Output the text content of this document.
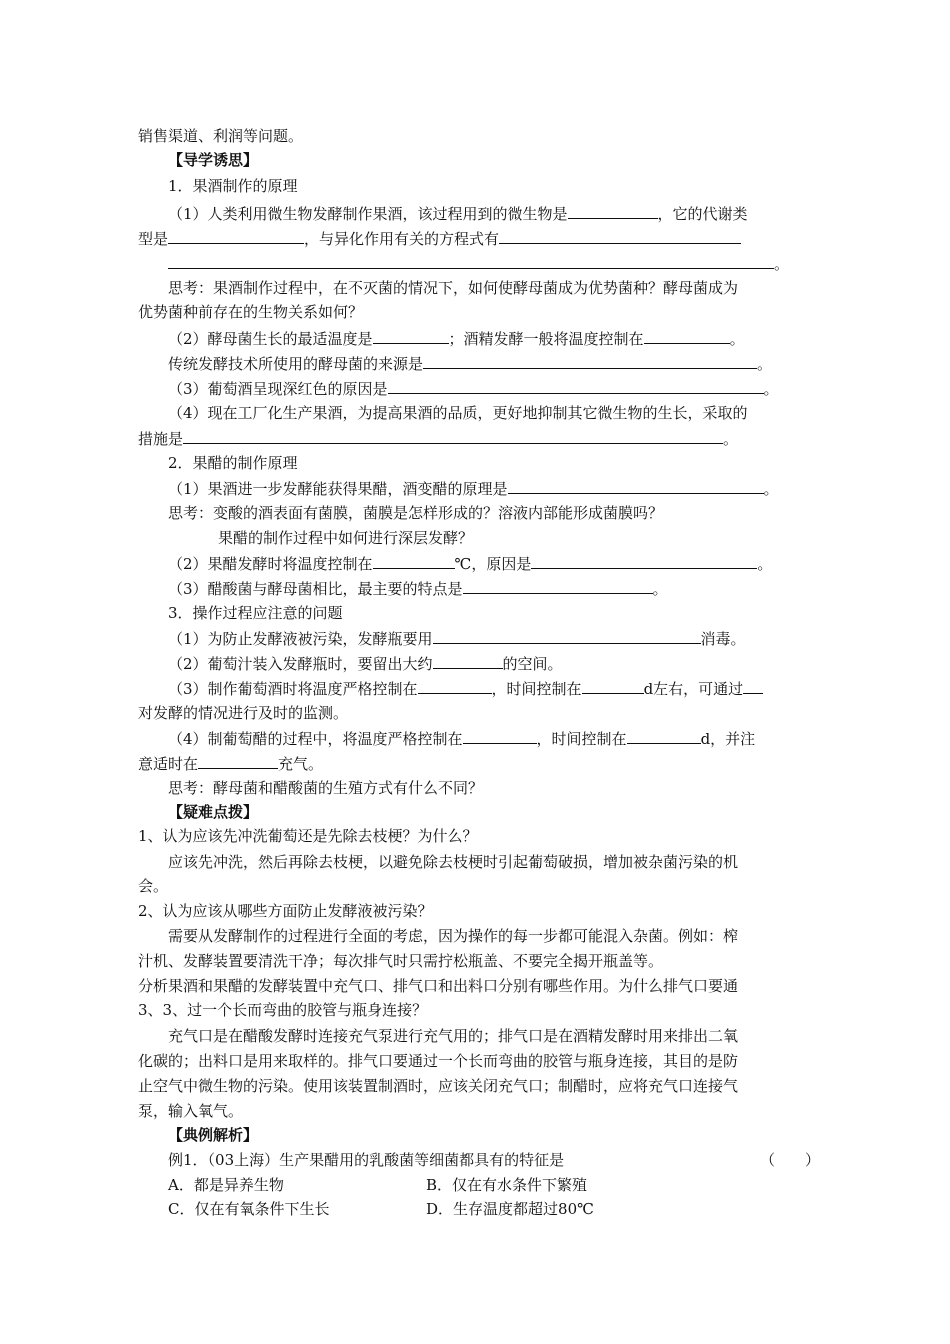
销售渠道、利润等问题。
【导学诱思】
1．果酒制作的原理
（1）人类利用微生物发酵制作果酒，该过程用到的微生物是	，它的代谢类
型是	，与异化作用有关的方程式有
。
思考：果酒制作过程中，在不灭菌的情况下，如何使酵母菌成为优势菌种？酵母菌成为
优势菌种前存在的生物关系如何？
（2）酵母菌生长的最适温度是	；酒精发酵一般将温度控制在	。
传统发酵技术所使用的酵母菌的来源是	。
（3）葡萄酒呈现深红色的原因是	。
（4）现在工厂化生产果酒，为提高果酒的品质，更好地抑制其它微生物的生长，采取的
措施是	。
2．果醋的制作原理
（1）果酒进一步发酵能获得果醋，酒变醋的原理是	。
思考：变酸的酒表面有菌膜，菌膜是怎样形成的？溶液内部能形成菌膜吗？
果醋的制作过程中如何进行深层发酵？
（2）果醋发酵时将温度控制在	℃，原因是	。
（3）醋酸菌与酵母菌相比，最主要的特点是	。
3．操作过程应注意的问题
（1）为防止发酵液被污染，发酵瓶要用	消毒。
（2）葡萄汁装入发酵瓶时，要留出大约	的空间。
（3）制作葡萄酒时将温度严格控制在	，时间控制在	d左右，可通过
对发酵的情况进行及时的监测。
（4）制葡萄醋的过程中，将温度严格控制在	，时间控制在	d，并注
意适时在	充气。
思考：酵母菌和醋酸菌的生殖方式有什么不同？
【疑难点拨】
1、认为应该先冲洗葡萄还是先除去枝梗？为什么？
应该先冲洗，然后再除去枝梗，以避免除去枝梗时引起葡萄破损，增加被杂菌污染的机
会。
2、认为应该从哪些方面防止发酵液被污染？
需要从发酵制作的过程进行全面的考虑，因为操作的每一步都可能混入杂菌。例如：榨
汁机、发酵装置要清洗干净；每次排气时只需拧松瓶盖、不要完全揭开瓶盖等。
分析果酒和果醋的发酵装置中充气口、排气口和出料口分别有哪些作用。为什么排气口要通
3、3、过一个长而弯曲的胶管与瓶身连接？
充气口是在醋酸发酵时连接充气泵进行充气用的；排气口是在酒精发酵时用来排出二氧
化碳的；出料口是用来取样的。排气口要通过一个长而弯曲的胶管与瓶身连接，其目的是防
止空气中微生物的污染。使用该装置制酒时，应该关闭充气口；制醋时，应将充气口连接气
泵，输入氧气。
【典例解析】
例1．（03上海）生产果醋用的乳酸菌等细菌都具有的特征是	（　　）
A．都是异养生物	B．仅在有水条件下繁殖
C．仅在有氧条件下生长	D．生存温度都超过80℃
